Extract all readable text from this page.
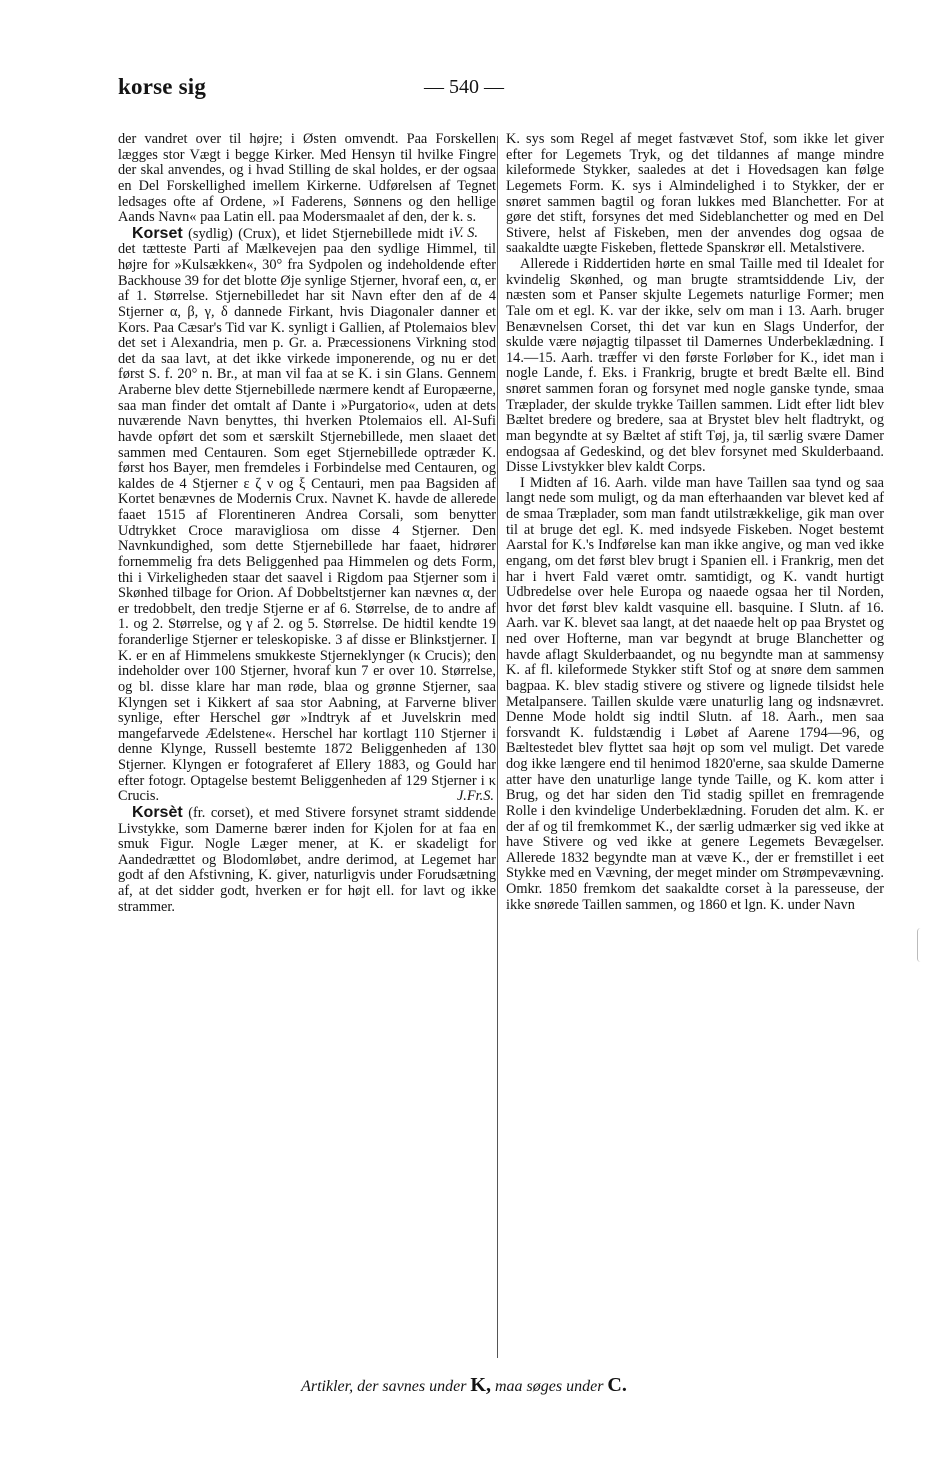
korse sig	— 540 —

der vandret over til højre; i Østen omvendt. Paa Forskellen lægges stor Vægt i begge Kirker. Med Hensyn til hvilke Fingre der skal anvendes, og i hvad Stilling de skal holdes, er der ogsaa en Del Forskellighed imellem Kirkerne. Udførelsen af Tegnet ledsages ofte af Ordene, »I Faderens, Sønnens og den hellige Aands Navn« paa Latin ell. paa Modersmaalet af den, der k. s.
V. S.

Korset (sydlig) (Crux), et lidet Stjernebillede midt i det tætteste Parti af Mælkevejen paa den sydlige Himmel, til højre for »Kulsækken«, 30° fra Sydpolen og indeholdende efter Backhouse 39 for det blotte Øje synlige Stjerner, hvoraf een, α, er af 1. Størrelse. Stjernebilledet har sit Navn efter den af de 4 Stjerner α, β, γ, δ dannede Firkant, hvis Diagonaler danner et Kors. Paa Cæsar's Tid var K. synligt i Gallien, af Ptolemaios blev det set i Alexandria, men p. Gr. a. Præcessionens Virkning stod det da saa lavt, at det ikke virkede imponerende, og nu er det først S. f. 20° n. Br., at man vil faa at se K. i sin Glans. Gennem Araberne blev dette Stjernebillede nærmere kendt af Europæerne, saa man finder det omtalt af Dante i »Purgatorio«, uden at dets nuværende Navn benyttes, thi hverken Ptolemaios ell. Al-Sufi havde opført det som et særskilt Stjernebillede, men slaaet det sammen med Centauren. Som eget Stjernebillede optræder K. først hos Bayer, men fremdeles i Forbindelse med Centauren, og kaldes de 4 Stjerner ε ζ ν og ξ Centauri, men paa Bagsiden af Kortet benævnes de Modernis Crux. Navnet K. havde de allerede faaet 1515 af Florentineren Andrea Corsali, som benytter Udtrykket Croce maravigliosa om disse 4 Stjerner. Den Navnkundighed, som dette Stjernebillede har faaet, hidrører fornemmelig fra dets Beliggenhed paa Himmelen og dets Form, thi i Virkeligheden staar det saavel i Rigdom paa Stjerner som i Skønhed tilbage for Orion. Af Dobbeltstjerner kan nævnes α, der er tredobbelt, den tredje Stjerne er af 6. Størrelse, de to andre af 1. og 2. Størrelse, og γ af 2. og 5. Størrelse. De hidtil kendte 19 foranderlige Stjerner er teleskopiske. 3 af disse er Blinkstjerner. I K. er en af Himmelens smukkeste Stjerneklynger (κ Crucis); den indeholder over 100 Stjerner, hvoraf kun 7 er over 10. Størrelse, og bl. disse klare har man røde, blaa og grønne Stjerner, saa Klyngen set i Kikkert af saa stor Aabning, at Farverne bliver synlige, efter Herschel gør »Indtryk af et Juvelskrin med mangefarvede Ædelstene«. Herschel har kortlagt 110 Stjerner i denne Klynge, Russell bestemte 1872 Beliggenheden af 130 Stjerner. Klyngen er fotograferet af Ellery 1883, og Gould har efter fotogr. Optagelse bestemt Beliggenheden af 129 Stjerner i κ Crucis.	J.Fr.S.

Korsèt (fr. corset), et med Stivere forsynet stramt siddende Livstykke, som Damerne bærer inden for Kjolen for at faa en smuk Figur. Nogle Læger mener, at K. er skadeligt for Aandedrættet og Blodomløbet, andre derimod, at Legemet har godt af den Afstivning, K. giver, naturligvis under Forudsætning af, at det sidder godt, hverken er for højt ell. for lavt og ikke strammer.

K. sys som Regel af meget fastvævet Stof, som ikke let giver efter for Legemets Tryk, og det tildannes af mange mindre kileformede Stykker, saaledes at det i Hovedsagen kan følge Legemets Form. K. sys i Almindelighed i to Stykker, der er snøret sammen bagtil og foran lukkes med Blanchetter. For at gøre det stift, forsynes det med Sideblanchetter og med en Del Stivere, helst af Fiskeben, men der anvendes dog ogsaa de saakaldte uægte Fiskeben, flettede Spanskrør ell. Metalstivere.

Allerede i Riddertiden hørte en smal Taille med til Idealet for kvindelig Skønhed, og man brugte stramtsiddende Liv, der næsten som et Panser skjulte Legemets naturlige Former; men Tale om et egl. K. var der ikke, selv om man i 13. Aarh. bruger Benævnelsen Corset, thi det var kun en Slags Underfor, der skulde være nøjagtig tilpasset til Damernes Underbeklædning. I 14.—15. Aarh. træffer vi den første Forløber for K., idet man i nogle Lande, f. Eks. i Frankrig, brugte et bredt Bælte ell. Bind snøret sammen foran og forsynet med nogle ganske tynde, smaa Træplader, der skulde trykke Taillen sammen. Lidt efter lidt blev Bæltet bredere og bredere, saa at Brystet blev helt fladtrykt, og man begyndte at sy Bæltet af stift Tøj, ja, til særlig svære Damer endogsaa af Gedeskind, og det blev forsynet med Skulderbaand. Disse Livstykker blev kaldt Corps.

I Midten af 16. Aarh. vilde man have Taillen saa tynd og saa langt nede som muligt, og da man efterhaanden var blevet ked af de smaa Træplader, som man fandt utilstrækkelige, gik man over til at bruge det egl. K. med indsyede Fiskeben. Noget bestemt Aarstal for K.'s Indførelse kan man ikke angive, og man ved ikke engang, om det først blev brugt i Spanien ell. i Frankrig, men det har i hvert Fald været omtr. samtidigt, og K. vandt hurtigt Udbredelse over hele Europa og naaede ogsaa her til Norden, hvor det først blev kaldt vasquine ell. basquine. I Slutn. af 16. Aarh. var K. blevet saa langt, at det naaede helt op paa Brystet og ned over Hofterne, man var begyndt at bruge Blanchetter og havde aflagt Skulderbaandet, og nu begyndte man at sammensy K. af fl. kileformede Stykker stift Stof og at snøre dem sammen bagpaa. K. blev stadig stivere og stivere og lignede tilsidst hele Metalpansere. Taillen skulde være unaturlig lang og indsnævret. Denne Mode holdt sig indtil Slutn. af 18. Aarh., men saa forsvandt K. fuldstændig i Løbet af Aarene 1794—96, og Bæltestedet blev flyttet saa højt op som vel muligt. Det varede dog ikke længere end til henimod 1820'erne, saa skulde Damerne atter have den unaturlige lange tynde Taille, og K. kom atter i Brug, og det har siden den Tid stadig spillet en fremragende Rolle i den kvindelige Underbeklædning. Foruden det alm. K. er der af og til fremkommet K., der særlig udmærker sig ved ikke at have Stivere og ved ikke at genere Legemets Bevægelser. Allerede 1832 begyndte man at væve K., der er fremstillet i eet Stykke med en Vævning, der meget minder om Strømpevævning. Omkr. 1850 fremkom det saakaldte corset à la paresseuse, der ikke snørede Taillen sammen, og 1860 et lgn. K. under Navn

Artikler, der savnes under K, maa søges under C.
